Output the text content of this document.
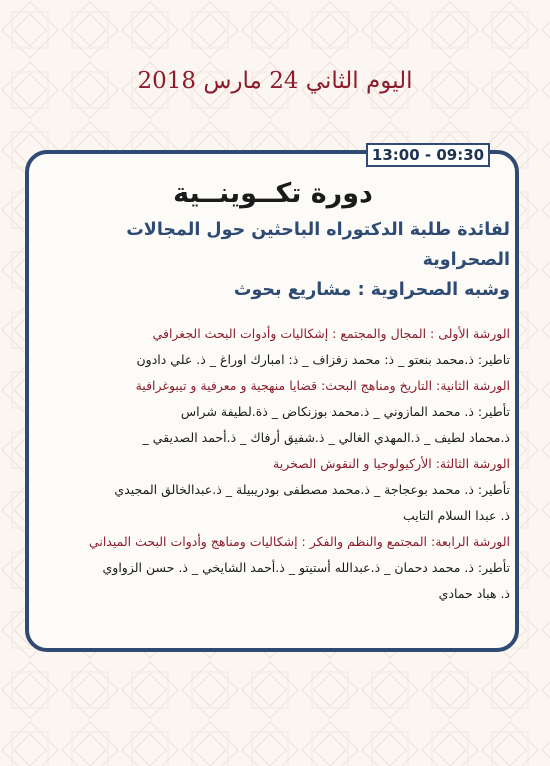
اليوم الثاني 24 مارس 2018
13:00 - 09:30
دورة تكــوينــية
لفائدة طلبة الدكتوراه الباحثين حول المجالات الصحراوية
وشبه الصحراوية : مشاريع بحوث
الورشة الأولى : المجال والمجتمع : إشكاليات وأدوات البحث الجغرافي
تاطير: ذ.محمد بنعتو _ ذ: محمد زفزاف _ ذ: امبارك اوراغ _ ذ. علي دادون
الورشة الثانية: التاريخ ومناهج البحث: قضايا منهجية و معرفية و تيبوغرافية
تأطير: ذ. محمد المازوني _ ذ.محمد بوزنكاض _ ذة.لطيفة شراس
ذ.محماد لطيف _ ذ.المهدي الغالي _ ذ.شفيق أرفاك _ ذ.أحمد الصديقي _
الورشة الثالثة: الأركيولوجيا و النقوش الصخرية
تأطير: ذ. محمد بوعجاجة _ ذ.محمد مصطفى بودريبيلة _ ذ.عبدالخالق المجيدي
ذ. عبدا السلام التايب
الورشة الرابعة: المجتمع والنظم والفكر : إشكاليات ومناهج وأدوات البحث الميداني
تأطير: ذ. محمد دحمان _ ذ.عبدالله أستيتو _ ذ.أحمد الشايخي _ ذ. حسن الزواوي
ذ. هباد حمادي
